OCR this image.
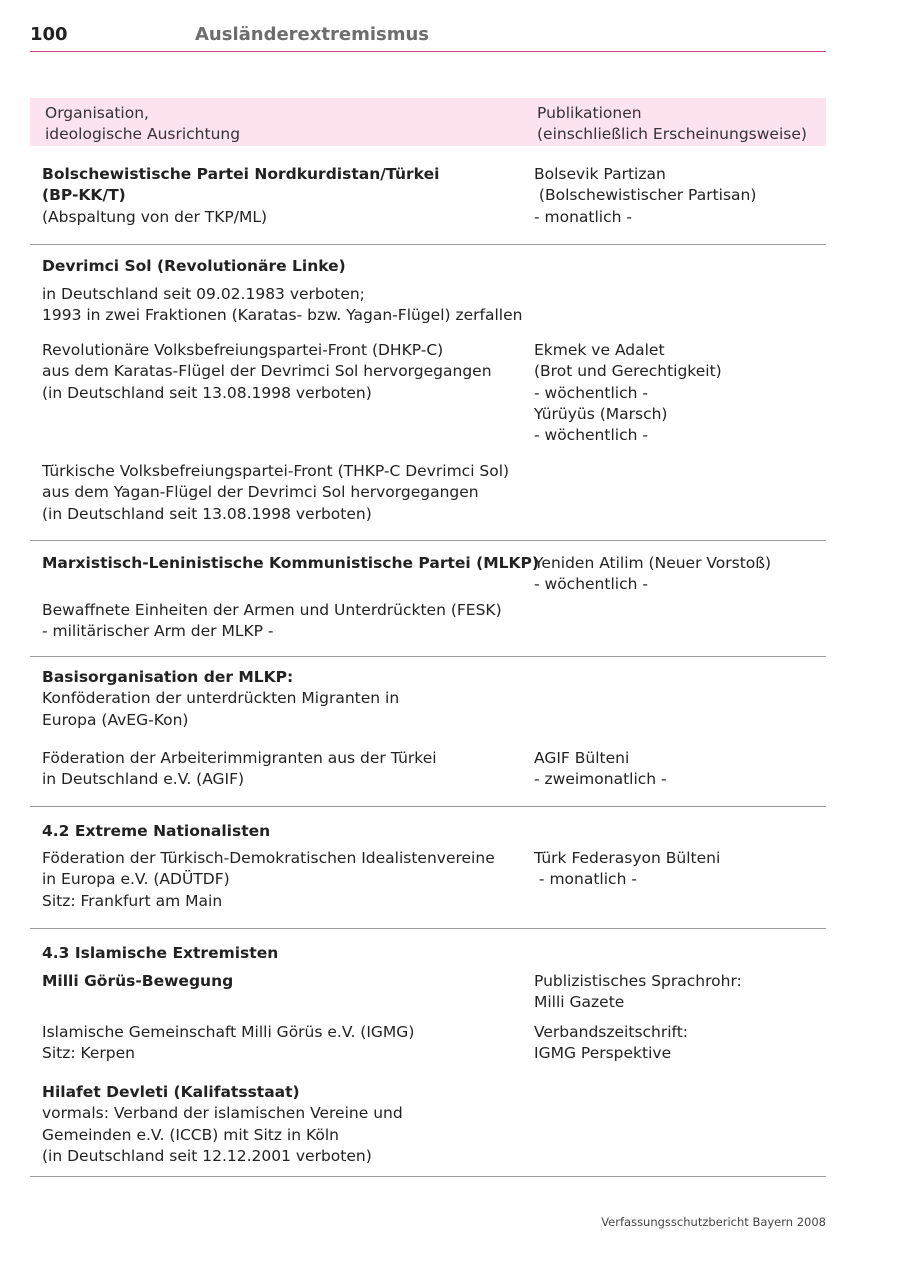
100	Ausländerextremismus
Organisation,
ideologische Ausrichtung
Publikationen
(einschließlich Erscheinungsweise)
Bolschewistische Partei Nordkurdistan/Türkei
(BP-KK/T)
(Abspaltung von der TKP/ML)
Bolsevik Partizan
(Bolschewistischer Partisan)
- monatlich -
Devrimci Sol (Revolutionäre Linke)
in Deutschland seit 09.02.1983 verboten;
1993 in zwei Fraktionen (Karatas- bzw. Yagan-Flügel) zerfallen
Revolutionäre Volksbefreiungspartei-Front (DHKP-C)
aus dem Karatas-Flügel der Devrimci Sol hervorgegangen
(in Deutschland seit 13.08.1998 verboten)
Ekmek ve Adalet
(Brot und Gerechtigkeit)
- wöchentlich -
Yürüyüs (Marsch)
- wöchentlich -
Türkische Volksbefreiungspartei-Front (THKP-C Devrimci Sol)
aus dem Yagan-Flügel der Devrimci Sol hervorgegangen
(in Deutschland seit 13.08.1998 verboten)
Marxistisch-Leninistische Kommunistische Partei (MLKP)
Yeniden Atilim (Neuer Vorstoß)
- wöchentlich -
Bewaffnete Einheiten der Armen und Unterdrückten (FESK)
- militärischer Arm der MLKP -
Basisorganisation der MLKP:
Konföderation der unterdrückten Migranten in
Europa (AvEG-Kon)
Föderation der Arbeiterimmigranten aus der Türkei
in Deutschland e.V. (AGIF)
AGIF Bülteni
- zweimonatlich -
4.2 Extreme Nationalisten
Föderation der Türkisch-Demokratischen Idealistenvereine
in Europa e.V. (ADÜTDF)
Sitz: Frankfurt am Main
Türk Federasyon Bülteni
- monatlich -
4.3 Islamische Extremisten
Milli Görüs-Bewegung	Publizistisches Sprachrohr:
Milli Gazete
Islamische Gemeinschaft Milli Görüs e.V. (IGMG)
Sitz: Kerpen
Verbandszeitschrift:
IGMG Perspektive
Hilafet Devleti (Kalifatsstaat)
vormals: Verband der islamischen Vereine und
Gemeinden e.V. (ICCB) mit Sitz in Köln
(in Deutschland seit 12.12.2001 verboten)
Verfassungsschutzbericht Bayern 2008
